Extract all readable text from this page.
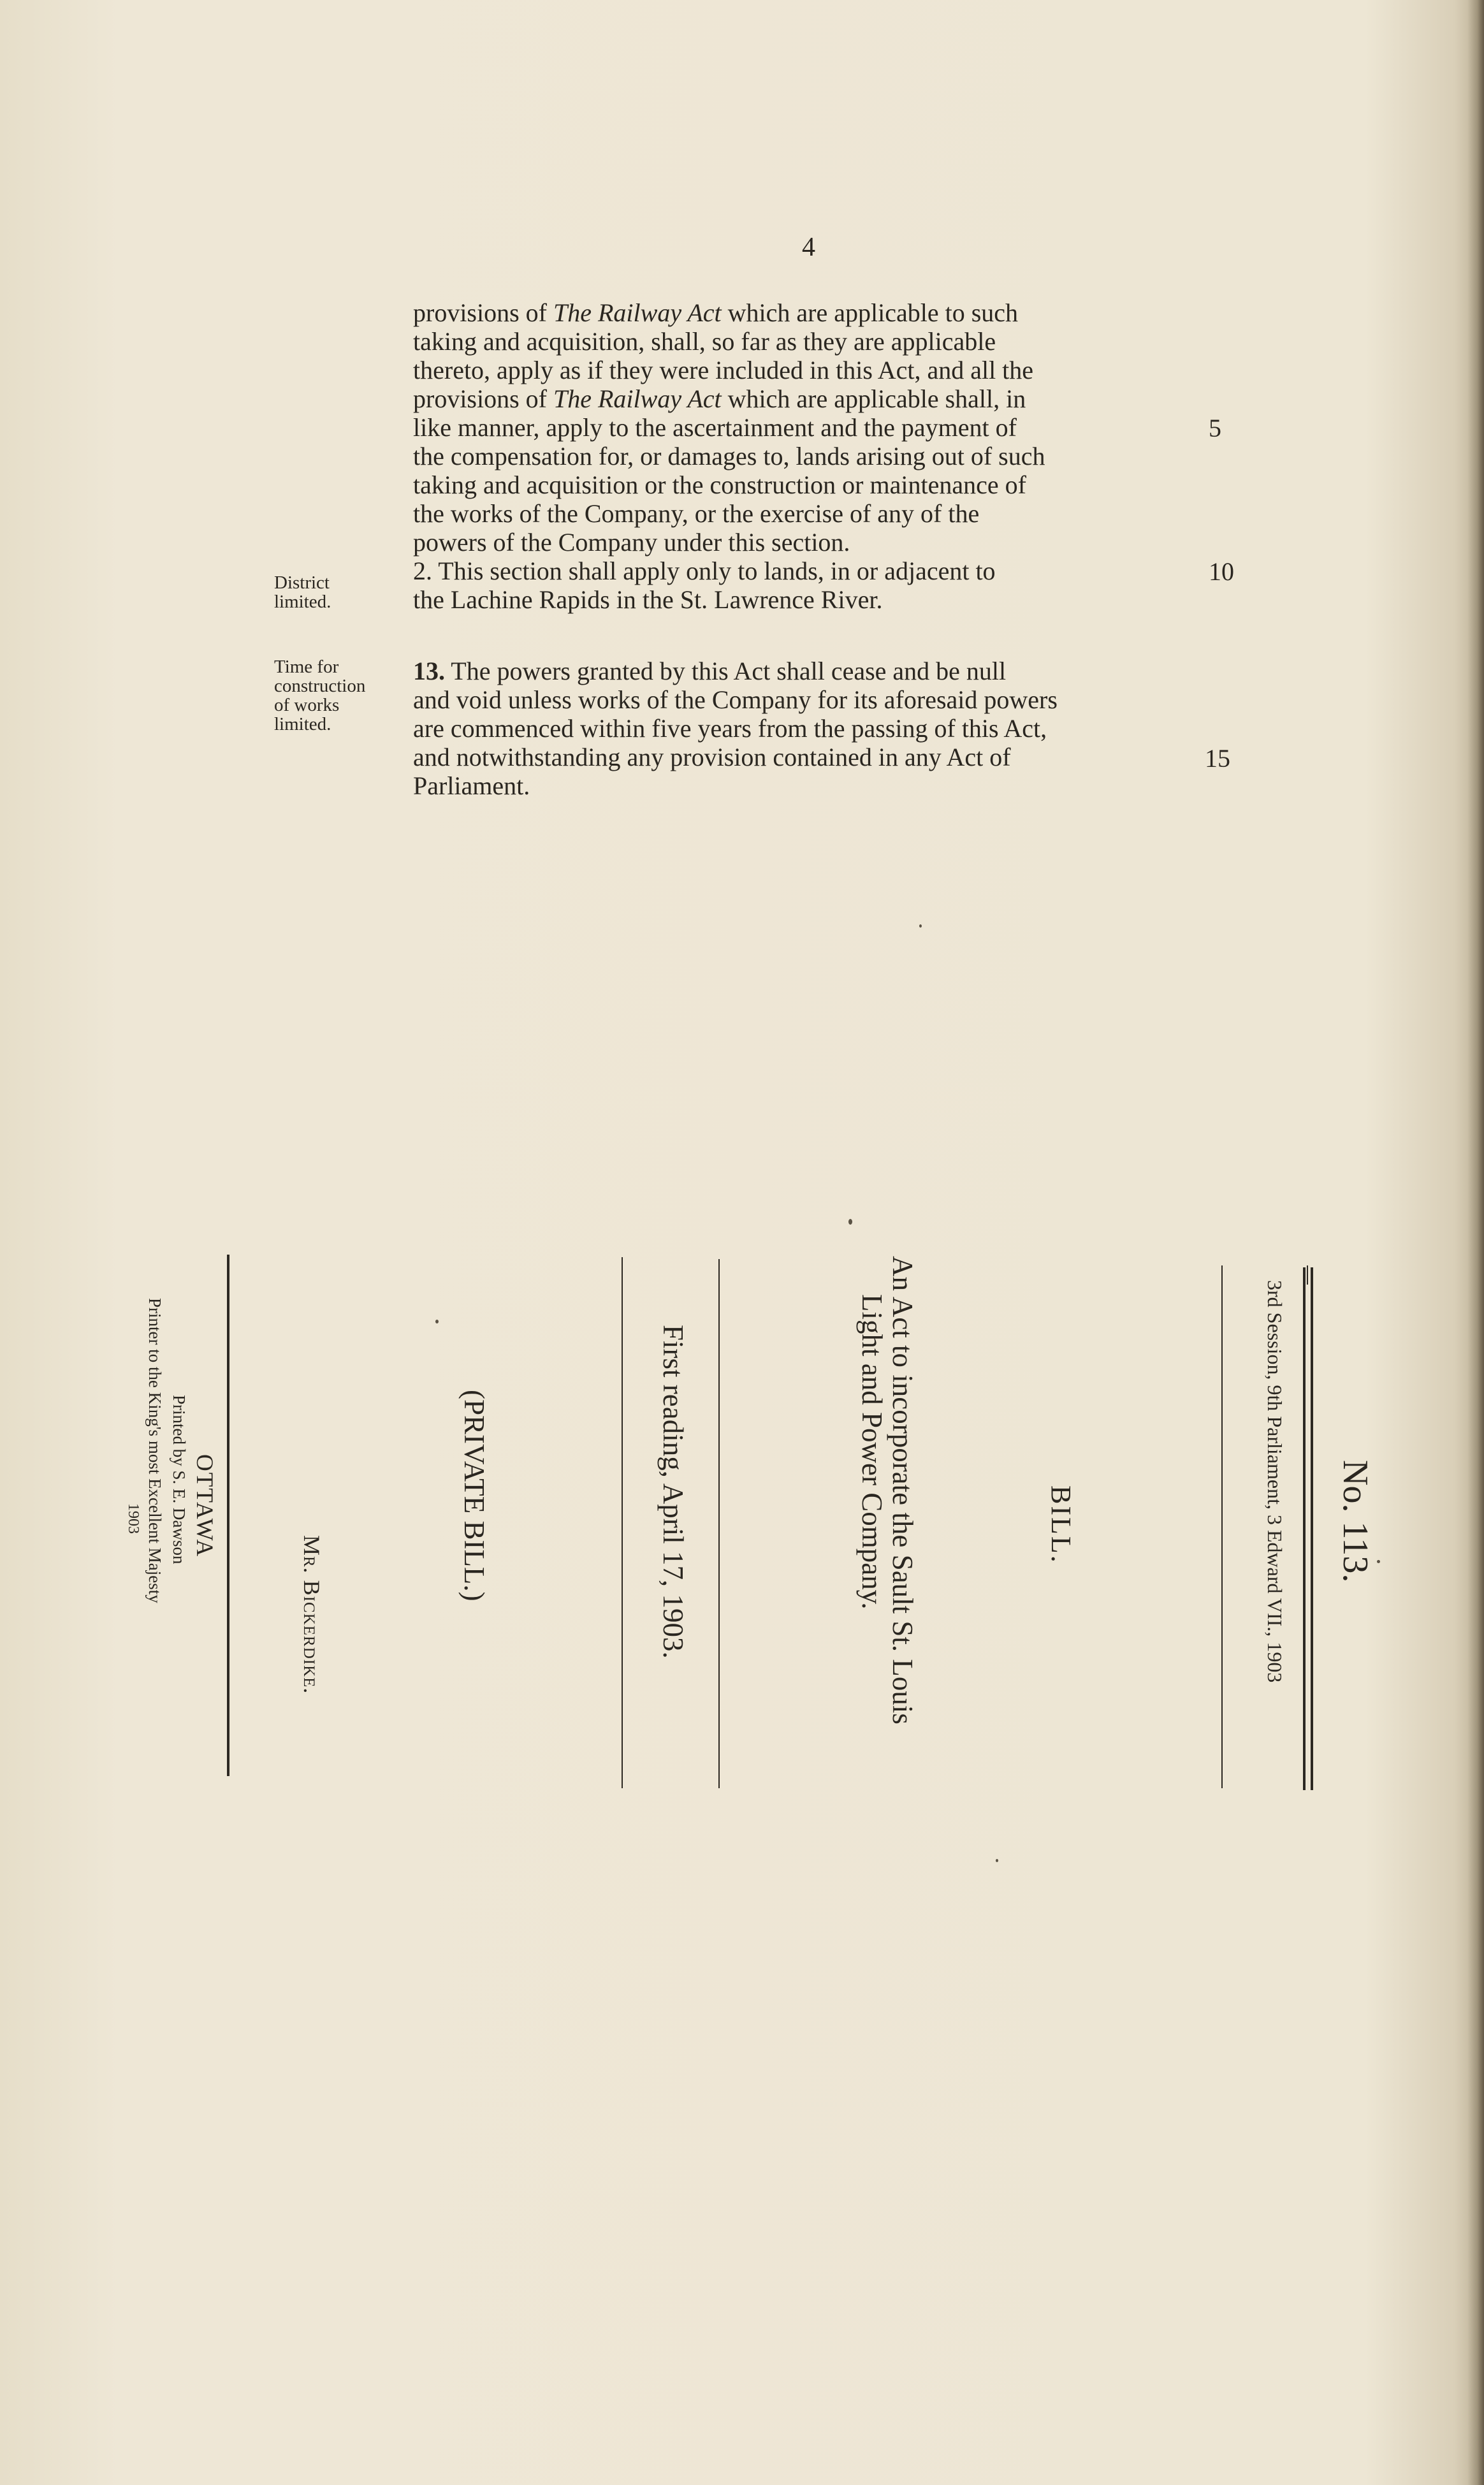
4
provisions of The Railway Act which are applicable to such
taking and acquisition, shall, so far as they are applicable
thereto, apply as if they were included in this Act, and all the
provisions of The Railway Act which are applicable shall, in
like manner, apply to the ascertainment and the payment of
the compensation for, or damages to, lands arising out of such
taking and acquisition or the construction or maintenance of
the works of the Company, or the exercise of any of the
powers of the Company under this section.
2. This section shall apply only to lands, in or adjacent to
the Lachine Rapids in the St. Lawrence River.
13. The powers granted by this Act shall cease and be null
and void unless works of the Company for its aforesaid powers
are commenced within five years from the passing of this Act,
and notwithstanding any provision contained in any Act of
Parliament.
5
10
15
District
limited.
Time for
construction
of works
limited.
No. 113.
3rd Session, 9th Parliament, 3 Edward VII., 1903
BILL.
An Act to incorporate the Sault St. Louis
Light and Power Company.
First reading, April 17, 1903.
(PRIVATE BILL.)
Mr. Bickerdike.
OTTAWA
Printed by S. E. Dawson
Printer to the King's most Excellent Majesty
1903
